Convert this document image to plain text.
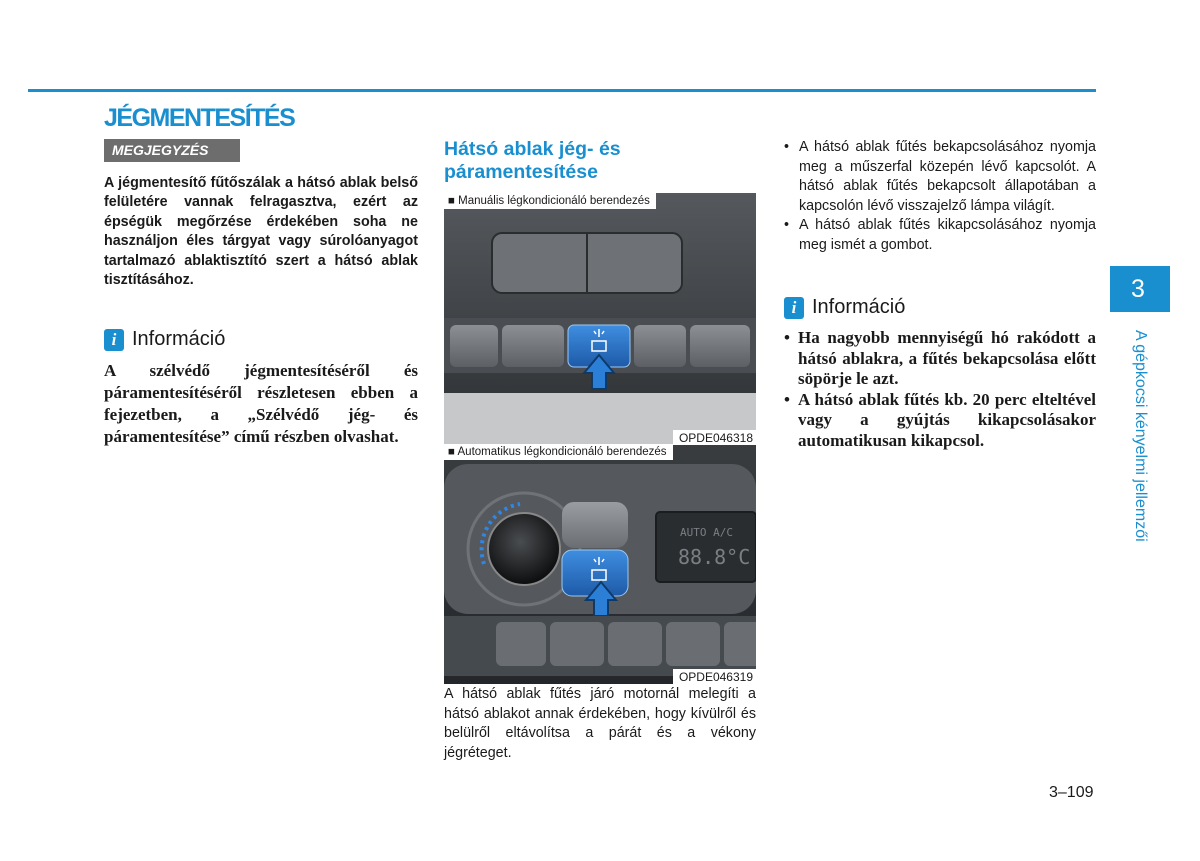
JÉGMENTESÍTÉS
MEGJEGYZÉS

A jégmentesítő fűtőszálak a hátsó ablak belső felületére vannak felragasztva, ezért az épségük megőrzése érdekében soha ne használjon éles tárgyat vagy súrolóanyagot tartalmazó ablaktisztító szert a hátsó ablak tisztításához.

i Információ

A szélvédő jégmentesítéséről és páramentesítéséről részletesen ebben a fejezetben, a „Szélvédő jég- és páramentesítése” című részben olvashat.

Hátsó ablak jég- és páramentesítése
■ Manuális légkondicionáló berendezés
OPDE046318
■ Automatikus légkondicionáló berendezés
AUTO A/C
88.8°C
OPDE046319

A hátsó ablak fűtés járó motornál melegíti a hátsó ablakot annak érdekében, hogy kívülről és belülről eltávolítsa a párát és a vékony jégréteget.

• A hátsó ablak fűtés bekapcsolásához nyomja meg a műszerfal közepén lévő kapcsolót. A hátsó ablak fűtés bekapcsolt állapotában a kapcsolón lévő visszajelző lámpa világít.
• A hátsó ablak fűtés kikapcsolásához nyomja meg ismét a gombot.
i Információ
• Ha nagyobb mennyiségű hó rakódott a hátsó ablakra, a fűtés bekapcsolása előtt söpörje le azt.
• A hátsó ablak fűtés kb. 20 perc elteltével vagy a gyújtás kikapcsolásakor automatikusan kikapcsol.
3
A gépkocsi kényelmi jellemzői
3–109
